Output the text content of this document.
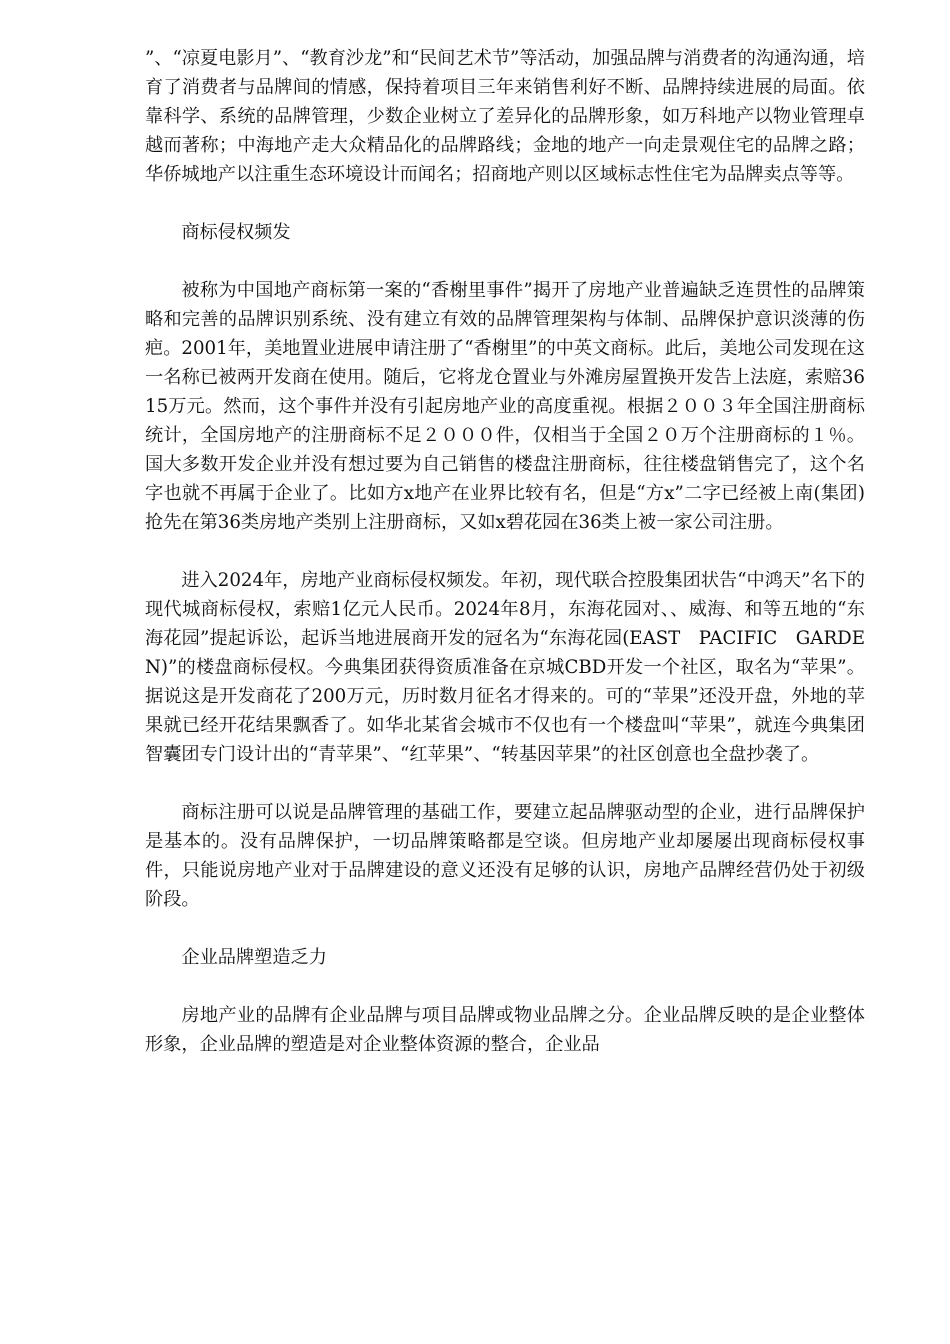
”、“凉夏电影月”、“教育沙龙”和“民间艺术节”等活动，加强品牌与消费者的沟通沟通，培育了消费者与品牌间的情感，保持着项目三年来销售利好不断、品牌持续进展的局面。依靠科学、系统的品牌管理，少数企业树立了差异化的品牌形象，如万科地产以物业管理卓越而著称；中海地产走大众精品化的品牌路线；金地的地产一向走景观住宅的品牌之路；华侨城地产以注重生态环境设计而闻名；招商地产则以区域标志性住宅为品牌卖点等等。

商标侵权频发

被称为中国地产商标第一案的“香榭里事件”揭开了房地产业普遍缺乏连贯性的品牌策略和完善的品牌识别系统、没有建立有效的品牌管理架构与体制、品牌保护意识淡薄的伤疤。2001年，美地置业进展申请注册了“香榭里”的中英文商标。此后，美地公司发现在这一名称已被两开发商在使用。随后，它将龙仓置业与外滩房屋置换开发告上法庭，索赔3615万元。然而，这个事件并没有引起房地产业的高度重视。根据２００３年全国注册商标统计，全国房地产的注册商标不足２０００件，仅相当于全国２０万个注册商标的１％。国大多数开发企业并没有想过要为自己销售的楼盘注册商标，往往楼盘销售完了，这个名字也就不再属于企业了。比如方x地产在业界比较有名，但是“方x”二字已经被上南(集团)抢先在第36类房地产类别上注册商标，又如x碧花园在36类上被一家公司注册。

进入2024年，房地产业商标侵权频发。年初，现代联合控股集团状告“中鸿天”名下的现代城商标侵权，索赔1亿元人民币。2024年8月，东海花园对、、威海、和等五地的“东海花园”提起诉讼，起诉当地进展商开发的冠名为“东海花园(EAST　PACIFIC　GARDEN)”的楼盘商标侵权。今典集团获得资质准备在京城CBD开发一个社区，取名为“苹果”。据说这是开发商花了200万元，历时数月征名才得来的。可的“苹果”还没开盘，外地的苹果就已经开花结果飘香了。如华北某省会城市不仅也有一个楼盘叫“苹果”，就连今典集团智囊团专门设计出的“青苹果”、“红苹果”、“转基因苹果”的社区创意也全盘抄袭了。

商标注册可以说是品牌管理的基础工作，要建立起品牌驱动型的企业，进行品牌保护是基本的。没有品牌保护，一切品牌策略都是空谈。但房地产业却屡屡出现商标侵权事件，只能说房地产业对于品牌建设的意义还没有足够的认识，房地产品牌经营仍处于初级阶段。

企业品牌塑造乏力

房地产业的品牌有企业品牌与项目品牌或物业品牌之分。企业品牌反映的是企业整体形象，企业品牌的塑造是对企业整体资源的整合，企业品
